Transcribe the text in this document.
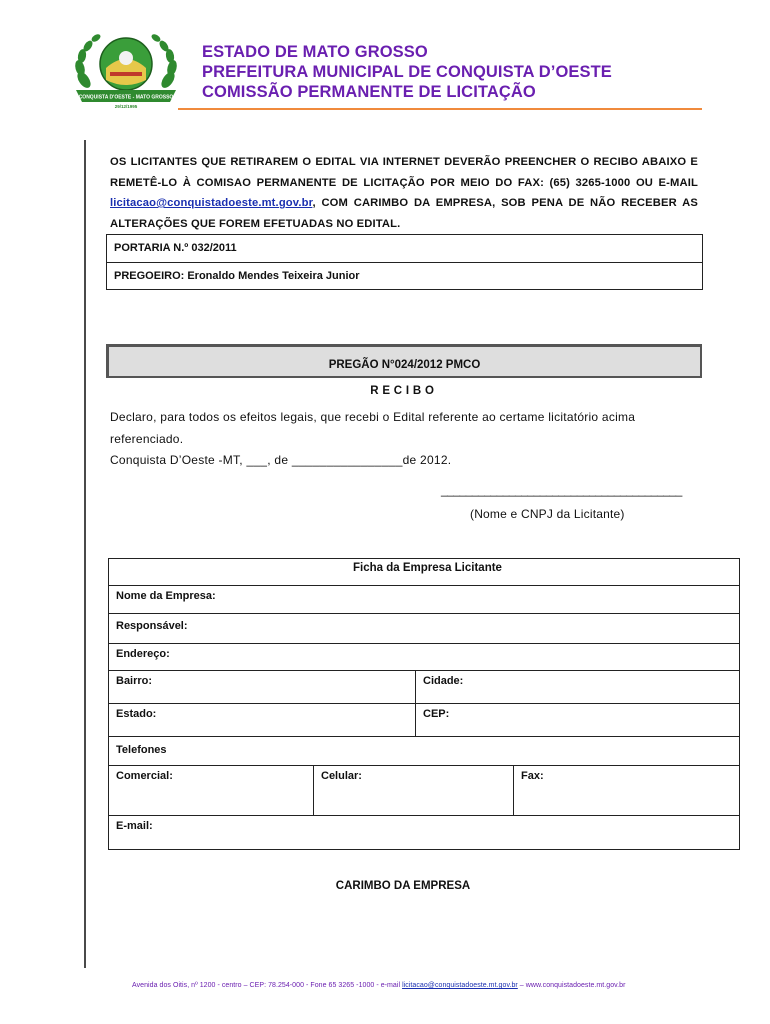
CONQUISTA D'OESTE - MATO GROSSO
29/12/1995
ESTADO DE MATO GROSSO
PREFEITURA MUNICIPAL DE CONQUISTA D’OESTE
COMISSÃO PERMANENTE DE LICITAÇÃO
OS LICITANTES QUE RETIRAREM O EDITAL VIA INTERNET DEVERÃO PREENCHER O RECIBO ABAIXO E REMETÊ-LO À COMISAO PERMANENTE DE LICITAÇÃO POR MEIO DO FAX: (65) 3265-1000 OU E-MAIL licitacao@conquistadoeste.mt.gov.br, COM CARIMBO DA EMPRESA, SOB PENA DE NÃO RECEBER AS ALTERAÇÕES QUE FOREM EFETUADAS NO EDITAL.
PORTARIA N.º 032/2011
PREGOEIRO: Eronaldo Mendes Teixeira Junior
PREGÃO N°024/2012 PMCO
RECIBO
Declaro, para todos os efeitos legais, que recebi o Edital referente ao certame licitatório acima referenciado.
Conquista D’Oeste -MT, ___, de ________________de 2012.
_______________________________________
(Nome e CNPJ da Licitante)
Ficha da Empresa Licitante
Nome da Empresa:
Responsável:
Endereço:
Bairro:	Cidade:
Estado:	CEP:
Telefones
Comercial:	Celular:	Fax:
E-mail:
CARIMBO DA EMPRESA
Avenida dos Oitis, nº 1200 - centro – CEP: 78.254-000 - Fone 65 3265 -1000 - e-mail licitacao@conquistadoeste.mt.gov.br – www.conquistadoeste.mt.gov.br
